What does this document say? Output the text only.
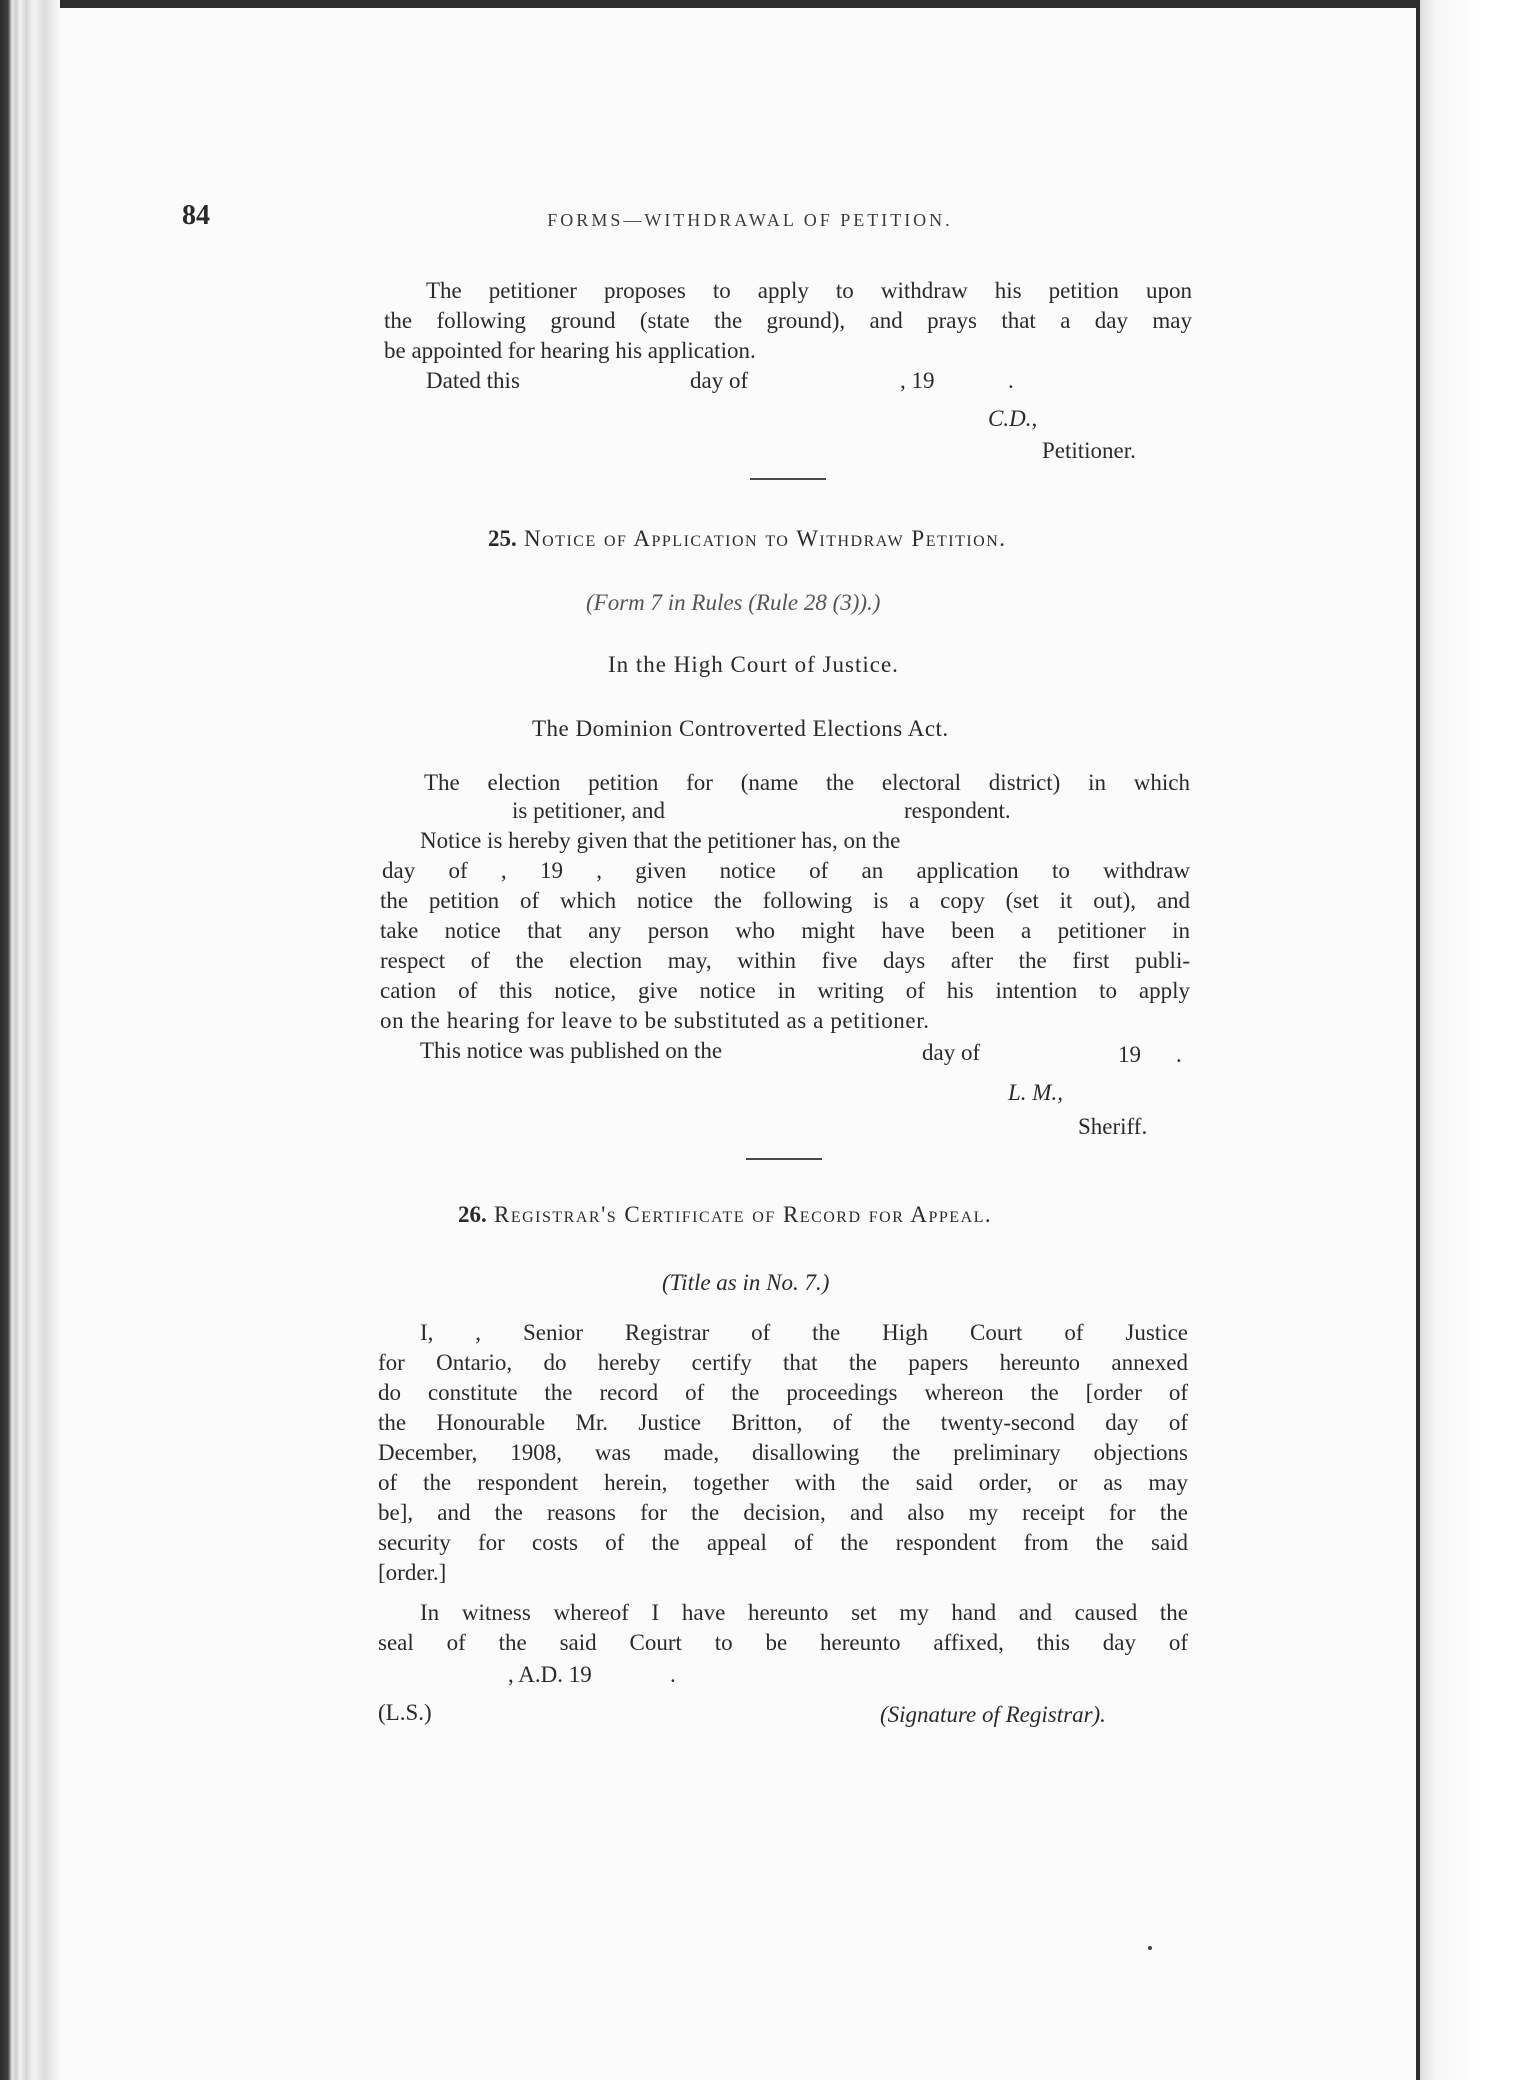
84	FORMS—WITHDRAWAL OF PETITION.
The petitioner proposes to apply to withdraw his petition upon
the following ground (state the ground), and prays that a day may
be appointed for hearing his application.
Dated this	day of	, 19	.
C.D.,
Petitioner.
25. Notice of Application to Withdraw Petition.
(Form 7 in Rules (Rule 28 (3)).)
In the High Court of Justice.
The Dominion Controverted Elections Act.
The election petition for (name the electoral district) in which
is petitioner, and	respondent.
Notice is hereby given that the petitioner has, on the
day of , 19 , given notice of an application to withdraw
the petition of which notice the following is a copy (set it out), and
take notice that any person who might have been a petitioner in
respect of the election may, within five days after the first publi-
cation of this notice, give notice in writing of his intention to apply
on the hearing for leave to be substituted as a petitioner.
This notice was published on the	day of	19 .
L. M.,
Sheriff.
26. Registrar's Certificate of Record for Appeal.
(Title as in No. 7.)
I, , Senior Registrar of the High Court of Justice
for Ontario, do hereby certify that the papers hereunto annexed
do constitute the record of the proceedings whereon the [order of
the Honourable Mr. Justice Britton, of the twenty-second day of
December, 1908, was made, disallowing the preliminary objections
of the respondent herein, together with the said order, or as may
be], and the reasons for the decision, and also my receipt for the
security for costs of the appeal of the respondent from the said
[order.]
In witness whereof I have hereunto set my hand and caused the
seal of the said Court to be hereunto affixed, this day of
, A.D. 19	.
(L.S.)	(Signature of Registrar).
